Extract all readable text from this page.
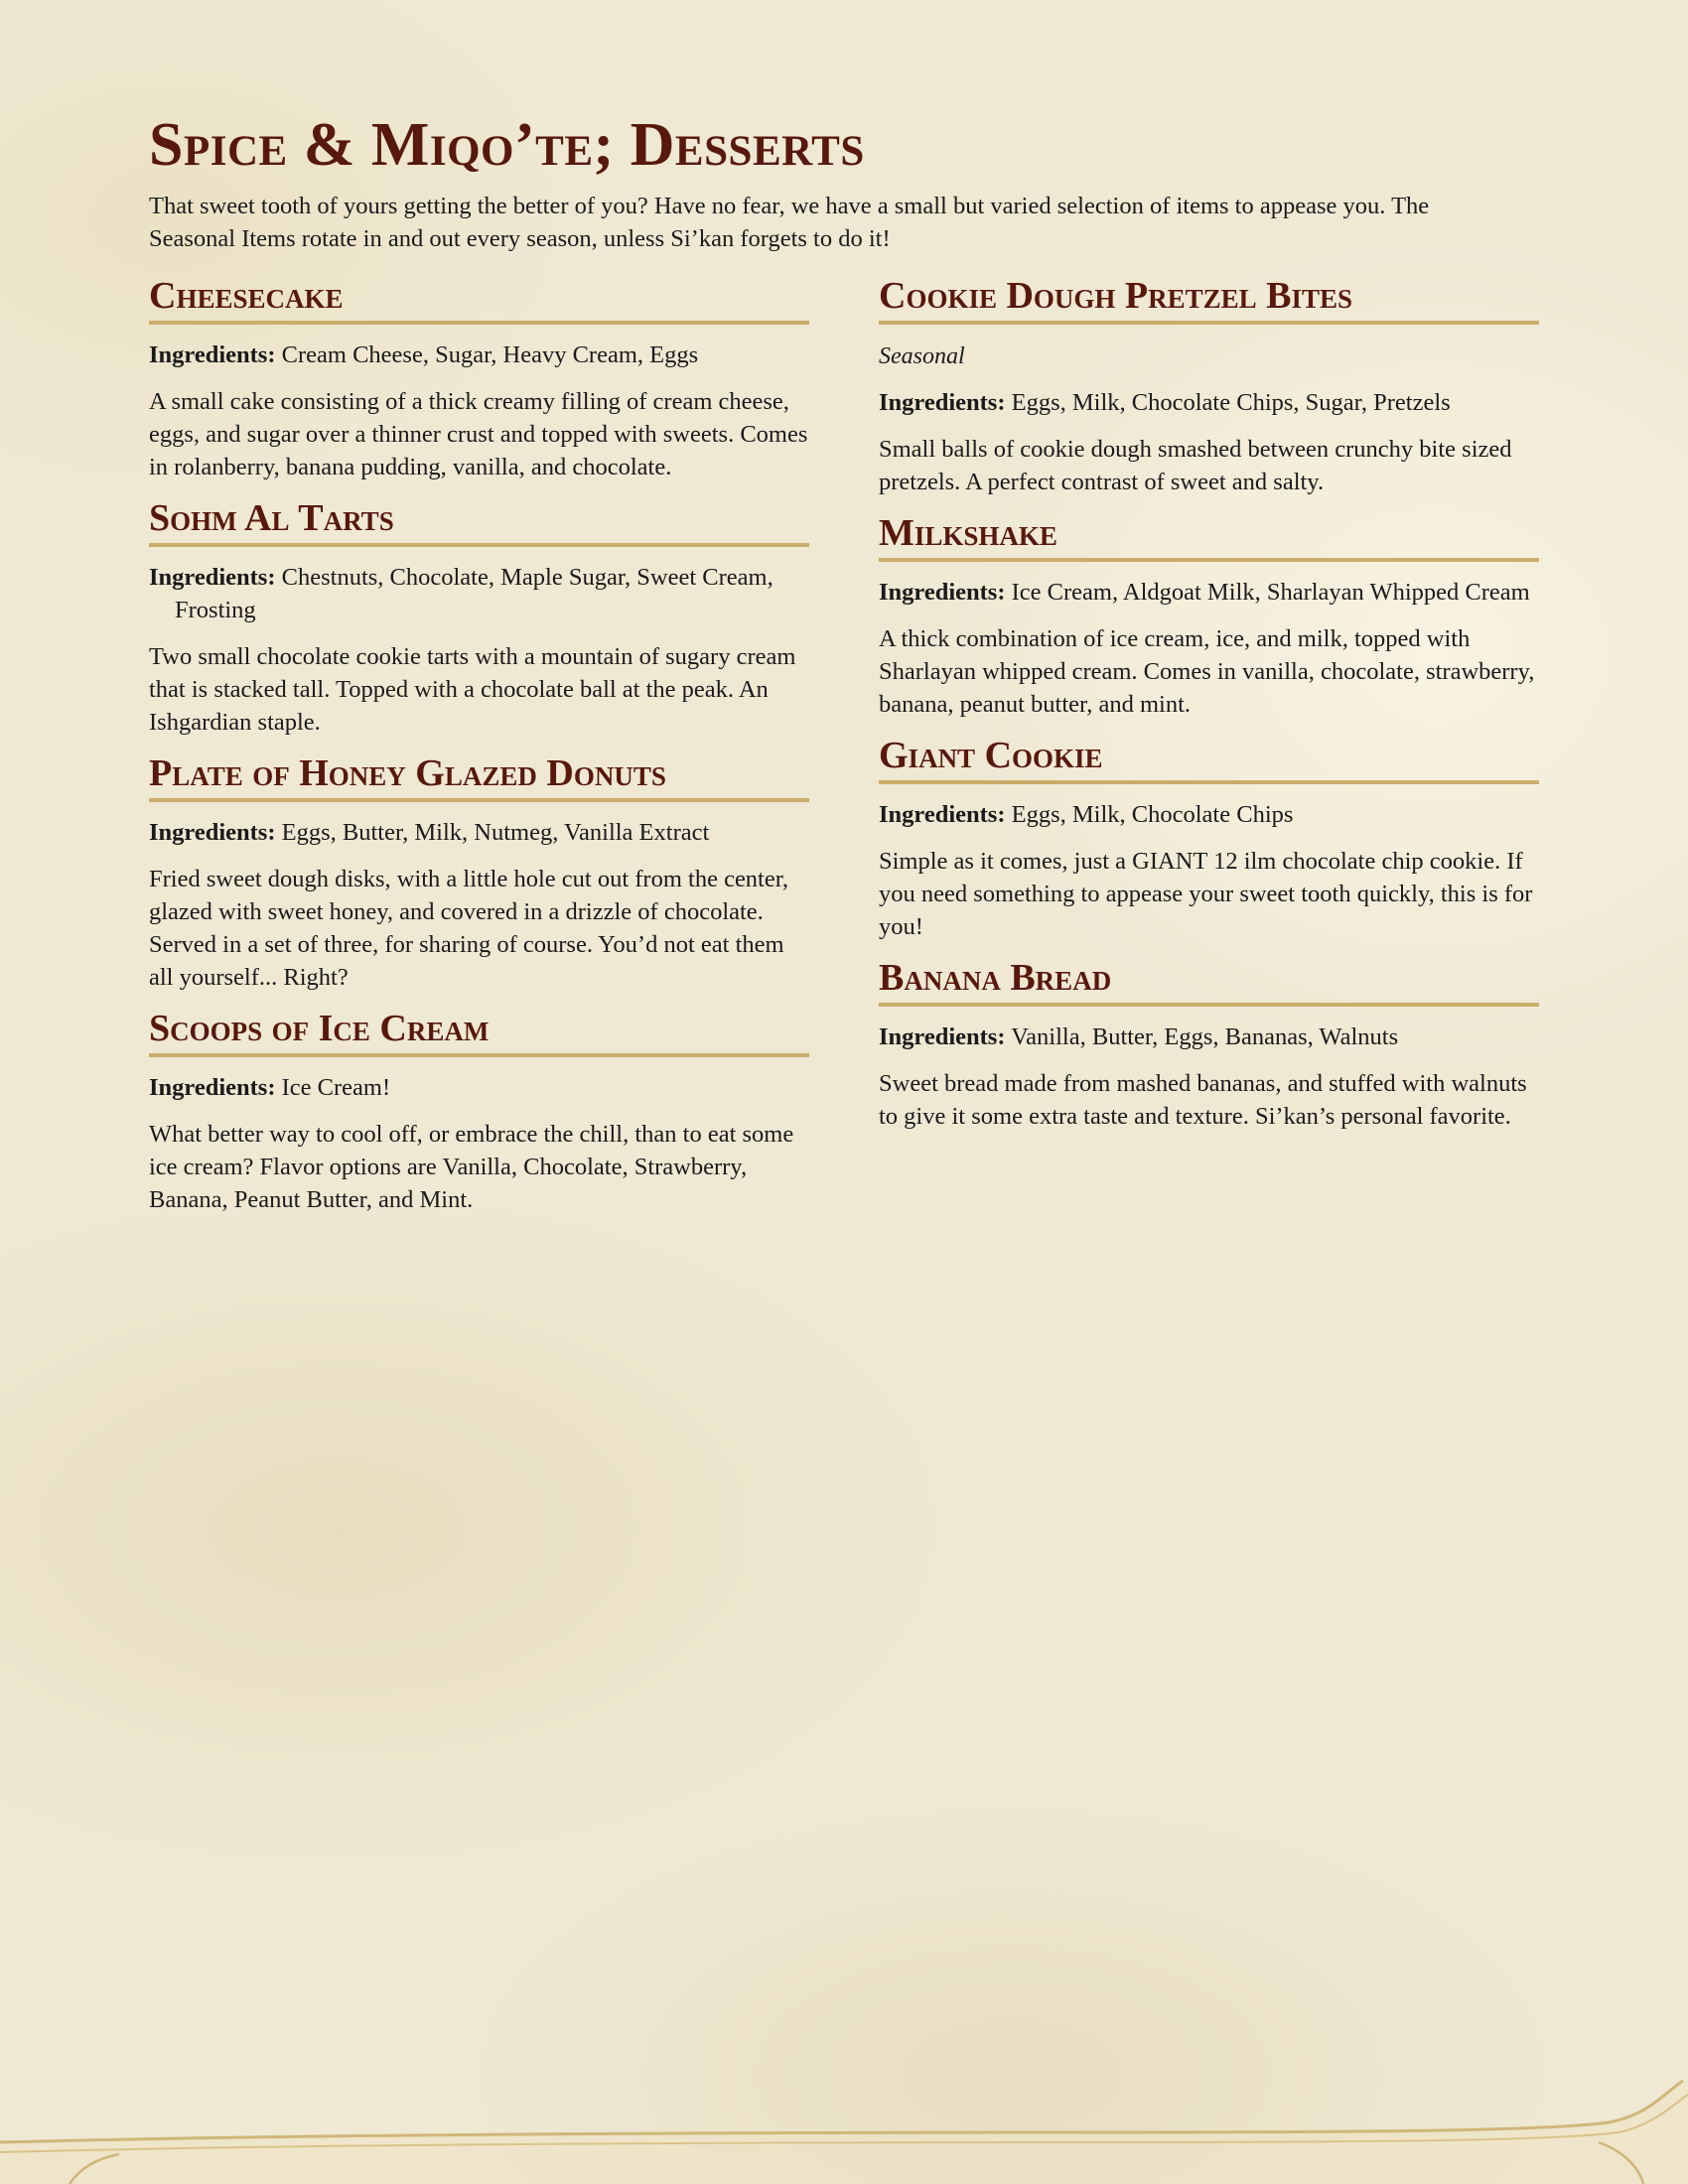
Spice & Miqo’te; Desserts

That sweet tooth of yours getting the better of you? Have no fear, we have a small but varied selection of items to appease you. The Seasonal Items rotate in and out every season, unless Si’kan forgets to do it!

Cheesecake

Ingredients: Cream Cheese, Sugar, Heavy Cream, Eggs

A small cake consisting of a thick creamy filling of cream cheese, eggs, and sugar over a thinner crust and topped with sweets. Comes in rolanberry, banana pudding, vanilla, and chocolate.

Sohm Al Tarts

Ingredients: Chestnuts, Chocolate, Maple Sugar, Sweet Cream, Frosting

Two small chocolate cookie tarts with a mountain of sugary cream that is stacked tall. Topped with a chocolate ball at the peak. An Ishgardian staple.

Plate of Honey Glazed Donuts

Ingredients: Eggs, Butter, Milk, Nutmeg, Vanilla Extract

Fried sweet dough disks, with a little hole cut out from the center, glazed with sweet honey, and covered in a drizzle of chocolate. Served in a set of three, for sharing of course. You’d not eat them all yourself... Right?

Scoops of Ice Cream

Ingredients: Ice Cream!

What better way to cool off, or embrace the chill, than to eat some ice cream? Flavor options are Vanilla, Chocolate, Strawberry, Banana, Peanut Butter, and Mint.

Cookie Dough Pretzel Bites

Seasonal

Ingredients: Eggs, Milk, Chocolate Chips, Sugar, Pretzels

Small balls of cookie dough smashed between crunchy bite sized pretzels. A perfect contrast of sweet and salty.

Milkshake

Ingredients: Ice Cream, Aldgoat Milk, Sharlayan Whipped Cream

A thick combination of ice cream, ice, and milk, topped with Sharlayan whipped cream. Comes in vanilla, chocolate, strawberry, banana, peanut butter, and mint.

Giant Cookie

Ingredients: Eggs, Milk, Chocolate Chips

Simple as it comes, just a GIANT 12 ilm chocolate chip cookie. If you need something to appease your sweet tooth quickly, this is for you!

Banana Bread

Ingredients: Vanilla, Butter, Eggs, Bananas, Walnuts

Sweet bread made from mashed bananas, and stuffed with walnuts to give it some extra taste and texture. Si’kan’s personal favorite.
